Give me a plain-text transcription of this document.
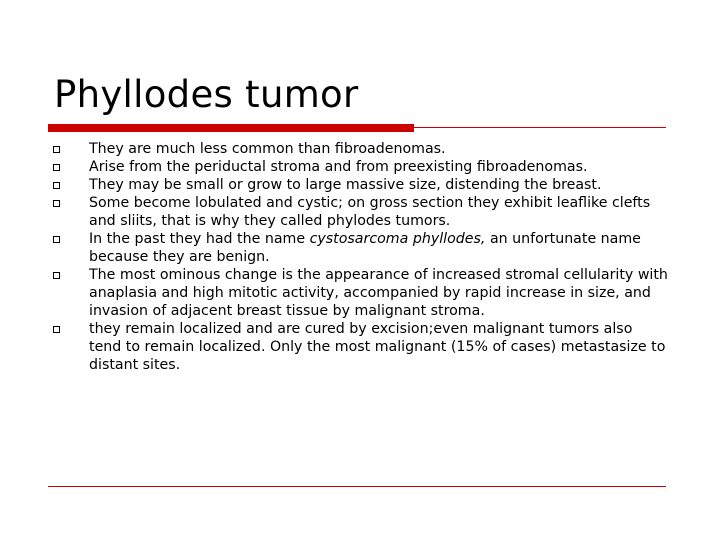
Phyllodes tumor
They are much less common than fibroadenomas.
Arise from the periductal stroma and from preexisting fibroadenomas.
They may be small or grow to large massive size, distending the breast.
Some become lobulated and cystic; on gross section they exhibit leaflike clefts and sliits, that is why they called phylodes tumors.
In the past they had the name cystosarcoma phyllodes, an unfortunate name because they are benign.
The most ominous change is the appearance of increased stromal cellularity with anaplasia and high mitotic activity, accompanied by rapid increase in size, and invasion of adjacent breast tissue by malignant stroma.
they remain localized and are cured by excision;even malignant tumors also tend to remain localized. Only the most malignant (15% of cases) metastasize to distant sites.
